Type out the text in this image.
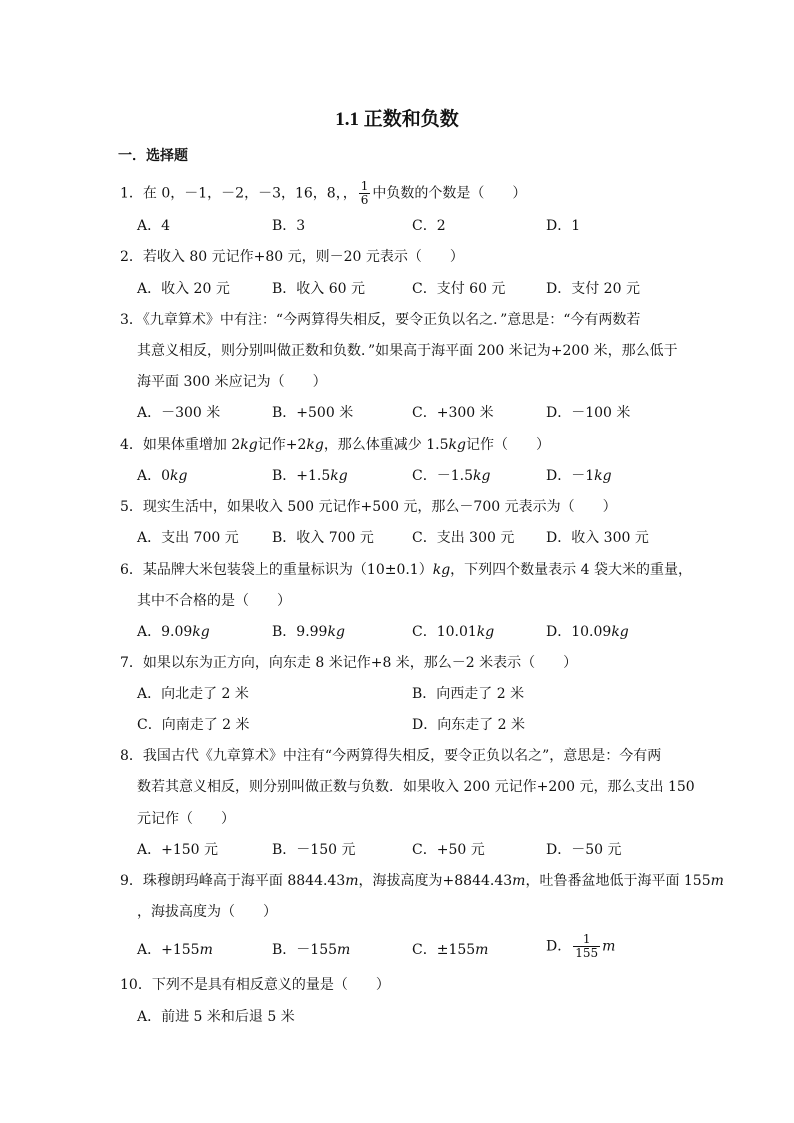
1.1 正数和负数
一．选择题
1．在 0，－1，－2，－3，16，8，， $\frac{1}{6}$ 中负数的个数是（　　）
A．4	B．3	C．2	D．1
2．若收入 80 元记作+80 元，则－20 元表示（　　）
A．收入 20 元	B．收入 60 元	C．支付 60 元	D．支付 20 元
3．《九章算术》中有注：“今两算得失相反，要令正负以名之．”意思是：“今有两数若
其意义相反，则分别叫做正数和负数．”如果高于海平面 200 米记为+200 米，那么低于
海平面 300 米应记为（　　）
A．－300 米	B．+500 米	C．+300 米	D．－100 米
4．如果体重增加 2kg记作+2kg，那么体重减少 1.5kg记作（　　）
A．0kg	B．+1.5kg	C．－1.5kg	D．－1kg
5．现实生活中，如果收入 500 元记作+500 元，那么－700 元表示为（　　）
A．支出 700 元 B．收入 700 元	C．支出 300 元 D．收入 300 元
6．某品牌大米包装袋上的重量标识为（10±0.1）kg，下列四个数量表示 4 袋大米的重量，
其中不合格的是（　　）
A．9.09kg	B．9.99kg	C．10.01kg	D．10.09kg
7．如果以东为正方向，向东走 8 米记作+8 米，那么－2 米表示（　　）
A．向北走了 2 米	B．向西走了 2 米
C．向南走了 2 米	D．向东走了 2 米
8．我国古代《九章算术》中注有“今两算得失相反，要令正负以名之”，意思是：今有两
数若其意义相反，则分别叫做正数与负数．如果收入 200 元记作+200 元，那么支出 150
元记作（　　）
A．+150 元	B．－150 元	C．+50 元	D．－50 元
9．珠穆朗玛峰高于海平面 8844.43m，海拔高度为+8844.43m，吐鲁番盆地低于海平面 155m
，海拔高度为（　　）
A．+155m	B．－155m	C．±155m	D． $\frac{1}{155}$ m
10．下列不是具有相反意义的量是（　　）
A．前进 5 米和后退 5 米
